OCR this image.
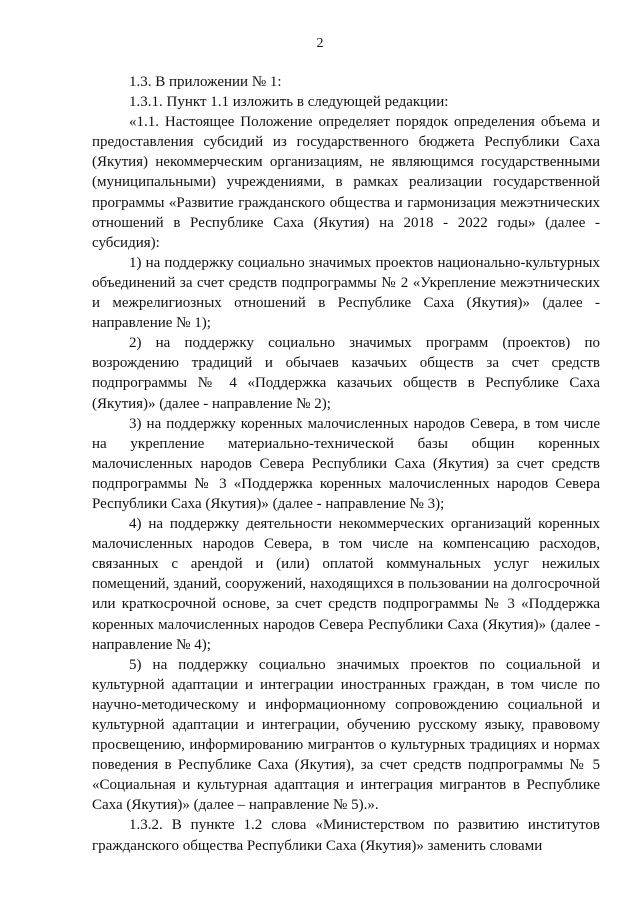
2

1.3. В приложении № 1:

1.3.1. Пункт 1.1 изложить в следующей редакции:

«1.1. Настоящее Положение определяет порядок определения объема и предоставления субсидий из государственного бюджета Республики Саха (Якутия) некоммерческим организациям, не являющимся государственными (муниципальными) учреждениями, в рамках реализации государственной программы «Развитие гражданского общества и гармонизация межэтнических отношений в Республике Саха (Якутия) на 2018 - 2022 годы» (далее - субсидия):

1) на поддержку социально значимых проектов национально-культурных объединений за счет средств подпрограммы № 2 «Укрепление межэтнических и межрелигиозных отношений в Республике Саха (Якутия)» (далее - направление № 1);

2) на поддержку социально значимых программ (проектов) по возрождению традиций и обычаев казачьих обществ за счет средств подпрограммы № 4 «Поддержка казачьих обществ в Республике Саха (Якутия)» (далее - направление № 2);

3) на поддержку коренных малочисленных народов Севера, в том числе на укрепление материально-технической базы общин коренных малочисленных народов Севера Республики Саха (Якутия) за счет средств подпрограммы № 3 «Поддержка коренных малочисленных народов Севера Республики Саха (Якутия)» (далее - направление № 3);

4) на поддержку деятельности некоммерческих организаций коренных малочисленных народов Севера, в том числе на компенсацию расходов, связанных с арендой и (или) оплатой коммунальных услуг нежилых помещений, зданий, сооружений, находящихся в пользовании на долгосрочной или краткосрочной основе, за счет средств подпрограммы № 3 «Поддержка коренных малочисленных народов Севера Республики Саха (Якутия)» (далее - направление № 4);

5) на поддержку социально значимых проектов по социальной и культурной адаптации и интеграции иностранных граждан, в том числе по научно-методическому и информационному сопровождению социальной и культурной адаптации и интеграции, обучению русскому языку, правовому просвещению, информированию мигрантов о культурных традициях и нормах поведения в Республике Саха (Якутия), за счет средств подпрограммы № 5 «Социальная и культурная адаптация и интеграция мигрантов в Республике Саха (Якутия)» (далее – направление № 5).».

1.3.2. В пункте 1.2 слова «Министерством по развитию институтов гражданского общества Республики Саха (Якутия)» заменить словами
